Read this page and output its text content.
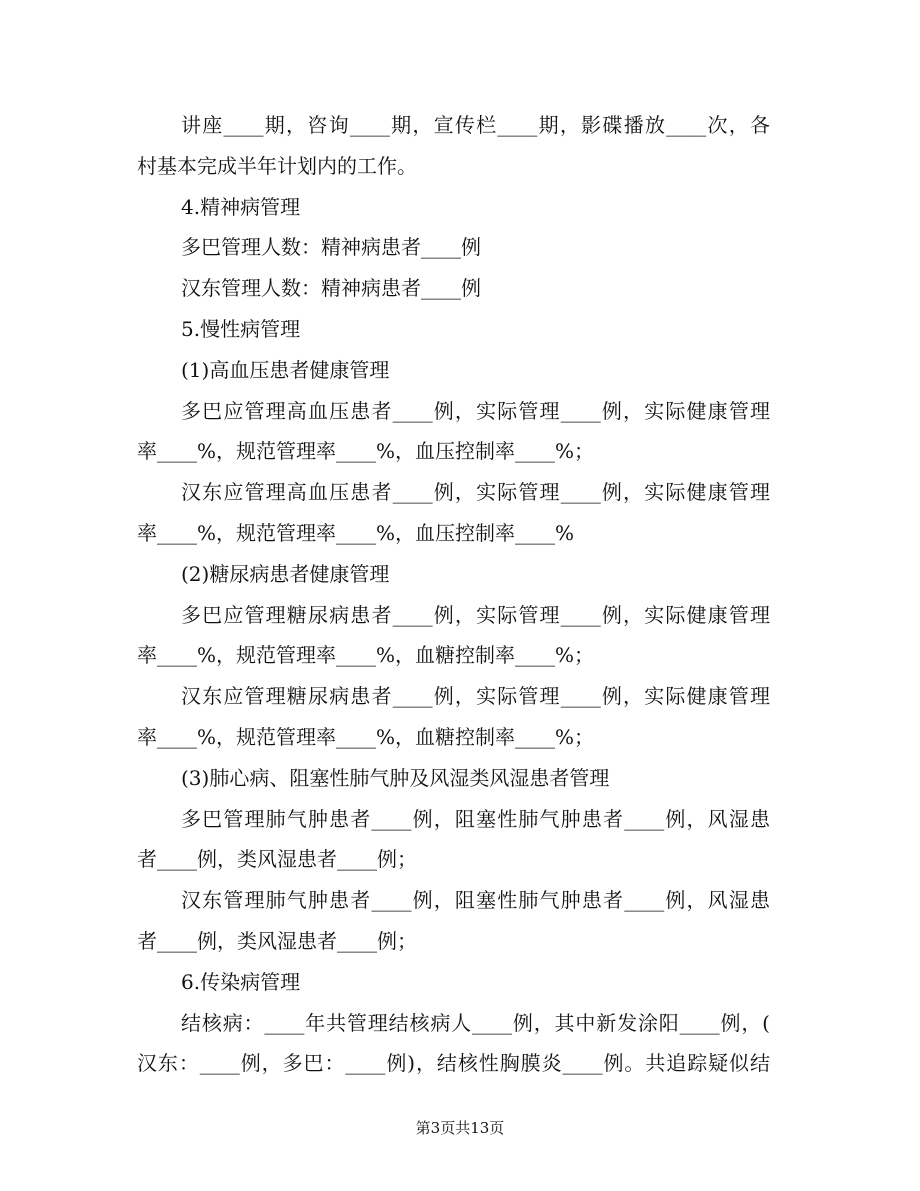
讲座____期，咨询____期，宣传栏____期，影碟播放____次，各
村基本完成半年计划内的工作。
4.精神病管理
多巴管理人数：精神病患者____例
汉东管理人数：精神病患者____例
5.慢性病管理
(1)高血压患者健康管理
多巴应管理高血压患者____例，实际管理____例，实际健康管理
率____%，规范管理率____%，血压控制率____%；
汉东应管理高血压患者____例，实际管理____例，实际健康管理
率____%，规范管理率____%，血压控制率____%
(2)糖尿病患者健康管理
多巴应管理糖尿病患者____例，实际管理____例，实际健康管理
率____%，规范管理率____%，血糖控制率____%；
汉东应管理糖尿病患者____例，实际管理____例，实际健康管理
率____%，规范管理率____%，血糖控制率____%；
(3)肺心病、阻塞性肺气肿及风湿类风湿患者管理
多巴管理肺气肿患者____例，阻塞性肺气肿患者____例，风湿患
者____例，类风湿患者____例；
汉东管理肺气肿患者____例，阻塞性肺气肿患者____例，风湿患
者____例，类风湿患者____例；
6.传染病管理
结核病：____年共管理结核病人____例，其中新发涂阳____例，(
汉东：____例，多巴：____例)，结核性胸膜炎____例。共追踪疑似结
第3页共13页
